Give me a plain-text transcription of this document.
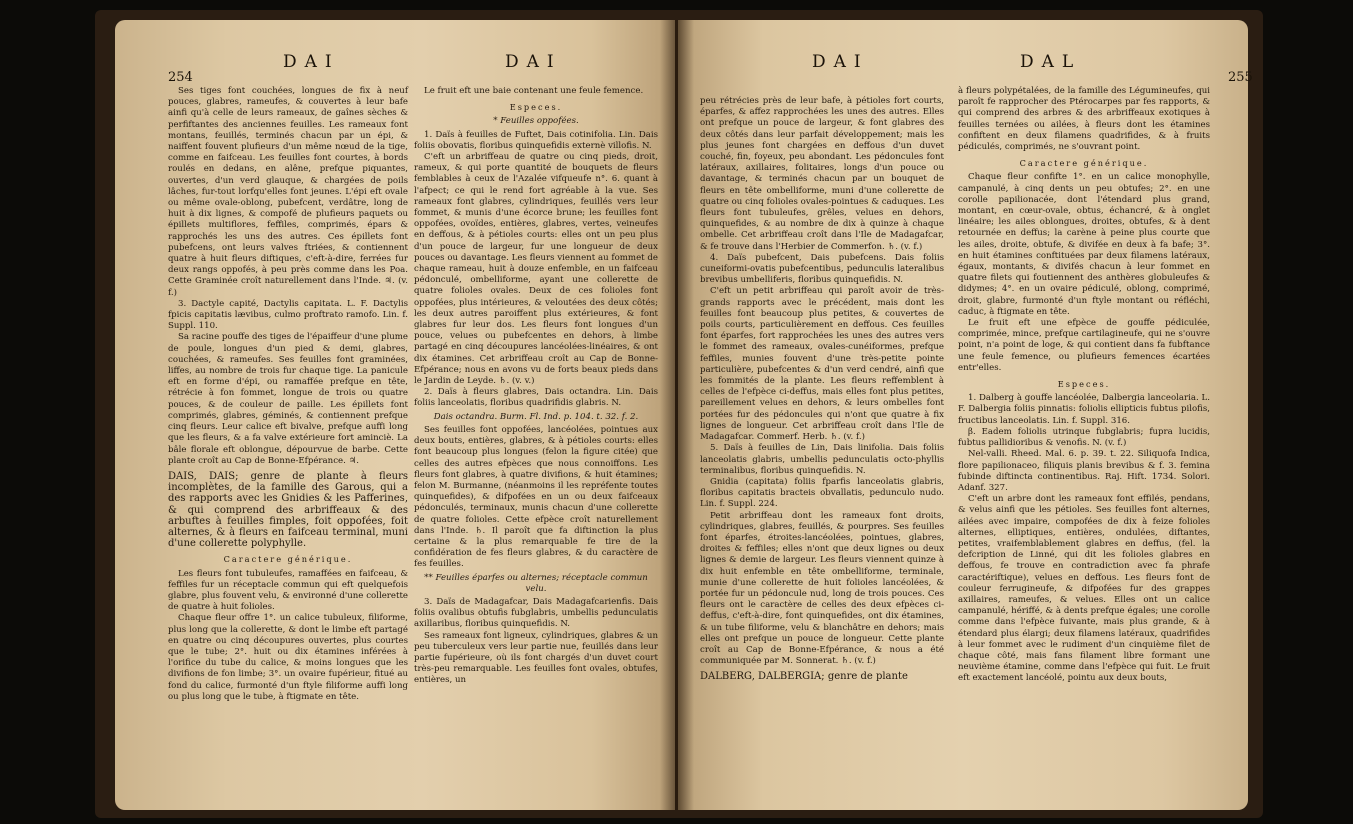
254
DAI	DAI	DAI	DAL
255

Ses tiges font couchées, longues de fix à neuf pouces, glabres, rameufes, & couvertes à leur bafe ainfi qu'à celle de leurs rameaux, de gaînes sèches & perfiftantes des anciennes feuilles. Les rameaux font montans, feuillés, terminés chacun par un épi, & naiffent fouvent plufieurs d'un même nœud de la tige, comme en faifceau. Les feuilles font courtes, à bords roulés en dedans, en alêne, prefque piquantes, ouvertes, d'un verd glauque, & chargées de poils lâches, fur-tout lorfqu'elles font jeunes. L'épi eft ovale ou même ovale-oblong, pubefcent, verdâtre, long de huit à dix lignes, & compofé de plufieurs paquets ou épillets multiflores, feffiles, comprimés, épars & rapprochés les uns des autres. Ces épillets font pubefcens, ont leurs valves ftriées, & contiennent quatre à huit fleurs diftiques, c'eft-à-dire, ferrées fur deux rangs oppofés, à peu près comme dans les Poa. Cette Graminée croît naturellement dans l'Inde. ♃. (v. f.)

3. Dactyle capité, Dactylis capitata. L. F. Dactylis fpicis capitatis lævibus, culmo proftrato ramofo. Lin. f. Suppl. 110.

Sa racine pouffe des tiges de l'épaiffeur d'une plume de poule, longues d'un pied & demi, glabres, couchées, & rameufes. Ses feuilles font graminées, liffes, au nombre de trois fur chaque tige. La panicule eft en forme d'épi, ou ramaffée prefque en tête, rétrécie à fon fommet, longue de trois ou quatre pouces, & de couleur de paille. Les épillets font comprimés, glabres, géminés, & contiennent prefque cinq fleurs. Leur calice eft bivalve, prefque auffi long que les fleurs, & a fa valve extérieure fort aminciè. La bâle florale eft oblongue, dépourvue de barbe. Cette plante croît au Cap de Bonne-Efpérance. ♃.

DAIS, DAIS; genre de plante à fleurs incomplètes, de la famille des Garous, qui a des rapports avec les Gnidies & les Pafferines, & qui comprend des arbriffeaux & des arbuftes à feuilles fimples, foit oppofées, foit alternes, & à fleurs en faifceau terminal, muni d'une collerette polyphylle.

Caractere générique.

Les fleurs font tubuleufes, ramaffées en faifceau, & feffiles fur un réceptacle commun qui eft quelquefois glabre, plus fouvent velu, & environné d'une collerette de quatre à huit folioles.

Chaque fleur offre 1°. un calice tubuleux, filiforme, plus long que la collerette, & dont le limbe eft partagé en quatre ou cinq découpures ouvertes, plus courtes que le tube; 2°. huit ou dix étamines inférées à l'orifice du tube du calice, & moins longues que les divifions de fon limbe; 3°. un ovaire fupérieur, fitué au fond du calice, furmonté d'un ftyle filiforme auffi long ou plus long que le tube, à ftigmate en tête.

Le fruit eft une baie contenant une feule femence.

Especes.

* Feuilles oppofées.

1. Daïs à feuilles de Fuftet, Dais cotinifolia. Lin. Dais foliis obovatis, floribus quinquefidis externè villofis. N.

C'eft un arbriffeau de quatre ou cinq pieds, droit, rameux, & qui porte quantité de bouquets de fleurs femblables à ceux de l'Azalée vifqueufe n°. 6. quant à l'afpect; ce qui le rend fort agréable à la vue. Ses rameaux font glabres, cylindriques, feuillés vers leur fommet, & munis d'une écorce brune; les feuilles font oppofées, ovoïdes, entières, glabres, vertes, veineufes en deffous, & à pétioles courts: elles ont un peu plus d'un pouce de largeur, fur une longueur de deux pouces ou davantage. Les fleurs viennent au fommet de chaque rameau, huit à douze enfemble, en un faifceau pédonculé, ombelliforme, ayant une collerette de quatre folioles ovales. Deux de ces folioles font oppofées, plus intérieures, & veloutées des deux côtés; les deux autres paroiffent plus extérieures, & font glabres fur leur dos. Les fleurs font longues d'un pouce, velues ou pubefcentes en dehors, à limbe partagé en cinq découpures lancéolées-linéaires, & ont dix étamines. Cet arbriffeau croît au Cap de Bonne-Efpérance; nous en avons vu de forts beaux pieds dans le Jardin de Leyde. ♄. (v. v.)

2. Daïs à fleurs glabres, Dais octandra. Lin. Dais foliis lanceolatis, floribus quadrifidis glabris. N.

Dais octandra. Burm. Fl. Ind. p. 104. t. 32. f. 2.

Ses feuilles font oppofées, lancéolées, pointues aux deux bouts, entières, glabres, & à pétioles courts: elles font beaucoup plus longues (felon la figure citée) que celles des autres efpèces que nous connoiffons. Les fleurs font glabres, à quatre divifions, & huit étamines; felon M. Burmanne, (néanmoins il les repréfente toutes quinquefides), & difpofées en un ou deux faifceaux pédonculés, terminaux, munis chacun d'une collerette de quatre folioles. Cette efpèce croît naturellement dans l'Inde. ♄. Il paroît que fa diftinction la plus certaine & la plus remarquable fe tire de la confidération de fes fleurs glabres, & du caractère de fes feuilles.

** Feuilles éparfes ou alternes; réceptacle commun velu.

3. Daïs de Madagafcar, Dais Madagafcarienfis. Dais foliis ovalibus obtufis fubglabris, umbellis pedunculatis axillaribus, floribus quinquefidis. N.

Ses rameaux font ligneux, cylindriques, glabres & un peu tuberculeux vers leur partie nue, feuillés dans leur partie fupérieure, où ils font chargés d'un duvet court très-peu remarquable. Les feuilles font ovales, obtufes, entières, un

peu rétrécies près de leur bafe, à pétioles fort courts, éparfes, & affez rapprochées les unes des autres. Elles ont prefque un pouce de largeur, & font glabres des deux côtés dans leur parfait développement; mais les plus jeunes font chargées en deffous d'un duvet couché, fin, foyeux, peu abondant. Les pédoncules font latéraux, axillaires, folitaires, longs d'un pouce ou davantage, & terminés chacun par un bouquet de fleurs en tête ombelliforme, muni d'une collerette de quatre ou cinq folioles ovales-pointues & caduques. Les fleurs font tubuleufes, grêles, velues en dehors, quinquefides, & au nombre de dix à quinze à chaque ombelle. Cet arbriffeau croît dans l'Ile de Madagafcar, & fe trouve dans l'Herbier de Commerfon. ♄. (v. f.)

4. Daïs pubefcent, Dais pubefcens. Dais foliis cuneiformi-ovatis pubefcentibus, pedunculis lateralibus brevibus umbelliferis, floribus quinquefidis. N.

C'eft un petit arbriffeau qui paroît avoir de très-grands rapports avec le précédent, mais dont les feuilles font beaucoup plus petites, & couvertes de poils courts, particulièrement en deffous. Ces feuilles font éparfes, fort rapprochées les unes des autres vers le fommet des rameaux, ovales-cunéiformes, prefque feffiles, munies fouvent d'une très-petite pointe particulière, pubefcentes & d'un verd cendré, ainfi que les fommités de la plante. Les fleurs reffemblent à celles de l'efpèce ci-deffus, mais elles font plus petites, pareillement velues en dehors, & leurs ombelles font portées fur des pédoncules qui n'ont que quatre à fix lignes de longueur. Cet arbriffeau croît dans l'Ile de Madagafcar. Commerf. Herb. ♄. (v. f.)

5. Daïs à feuilles de Lin, Dais linifolia. Dais foliis lanceolatis glabris, umbellis pedunculatis octo-phyllis terminalibus, floribus quinquefidis. N.

Gnidia (capitata) foliis fparfis lanceolatis glabris, floribus capitatis bracteis obvallatis, pedunculo nudo. Lin. f. Suppl. 224.

Petit arbriffeau dont les rameaux font droits, cylindriques, glabres, feuillés, & pourpres. Ses feuilles font éparfes, étroites-lancéolées, pointues, glabres, droites & feffiles; elles n'ont que deux lignes ou deux lignes & demie de largeur. Les fleurs viennent quinze à dix huit enfemble en tête ombelliforme, terminale, munie d'une collerette de huit folioles lancéolées, & portée fur un pédoncule nud, long de trois pouces. Ces fleurs ont le caractère de celles des deux efpèces ci-deffus, c'eft-à-dire, font quinquefides, ont dix étamines, & un tube filiforme, velu & blanchâtre en dehors; mais elles ont prefque un pouce de longueur. Cette plante croît au Cap de Bonne-Efpérance, & nous a été communiquée par M. Sonnerat. ♄. (v. f.)

DALBERG, DALBERGIA; genre de plante

à fleurs polypétalées, de la famille des Légumineufes, qui paroît fe rapprocher des Ptérocarpes par fes rapports, & qui comprend des arbres & des arbriffeaux exotiques à feuilles ternées ou ailées, à fleurs dont les étamines confiftent en deux filamens quadrifides, & à fruits pédiculés, comprimés, ne s'ouvrant point.

Caractere générique.

Chaque fleur confifte 1°. en un calice monophylle, campanulé, à cinq dents un peu obtufes; 2°. en une corolle papilionacée, dont l'étendard plus grand, montant, en cœur-ovale, obtus, échancré, & à onglet linéaire; les ailes oblongues, droites, obtufes, & à dent retournée en deffus; la carène à peine plus courte que les ailes, droite, obtufe, & divifée en deux à fa bafe; 3°. en huit étamines conftituées par deux filamens latéraux, égaux, montants, & divifés chacun à leur fommet en quatre filets qui foutiennent des anthères globuleufes & didymes; 4°. en un ovaire pédiculé, oblong, comprimé, droit, glabre, furmonté d'un ftyle montant ou réfléchi, caduc, à ftigmate en tête.

Le fruit eft une efpèce de gouffe pédiculée, comprimée, mince, prefque cartilagineufe, qui ne s'ouvre point, n'a point de loge, & qui contient dans fa fubftance une feule femence, ou plufieurs femences écartées entr'elles.

Especes.

1. Dalberg à gouffe lancéolée, Dalbergia lanceolaria. L. F. Dalbergia foliis pinnatis: foliolis ellipticis fubtus pilofis, fructibus lanceolatis. Lin. f. Suppl. 316.

β. Eadem foliolis utrinque fubglabris; fupra lucidis, fubtus pallidioribus & venofis. N. (v. f.)

Nel-valli. Rheed. Mal. 6. p. 39. t. 22. Siliquofa Indica, flore papilionaceo, filiquis planis brevibus & f. 3. femina fubinde diftincta continentibus. Raj. Hift. 1734. Solori. Adanf. 327.

C'eft un arbre dont les rameaux font effilés, pendans, & velus ainfi que les pétioles. Ses feuilles font alternes, ailées avec impaire, compofées de dix à feize folioles alternes, elliptiques, entières, ondulées, diftantes, petites, vraifemblablement glabres en deffus, (fel. la defcription de Linné, qui dit les folioles glabres en deffous, fe trouve en contradiction avec fa phrafe caractériftique), velues en deffous. Les fleurs font de couleur ferrugineufe, & difpofées fur des grappes axillaires, rameufes, & velues. Elles ont un calice campanulé, hériffé, & à dents prefque égales; une corolle comme dans l'efpèce fuivante, mais plus grande, & à étendard plus élargi; deux filamens latéraux, quadrifides à leur fommet avec le rudiment d'un cinquième filet de chaque côté, mais fans filament libre formant une neuvième étamine, comme dans l'efpèce qui fuit. Le fruit eft exactement lancéolé, pointu aux deux bouts,
